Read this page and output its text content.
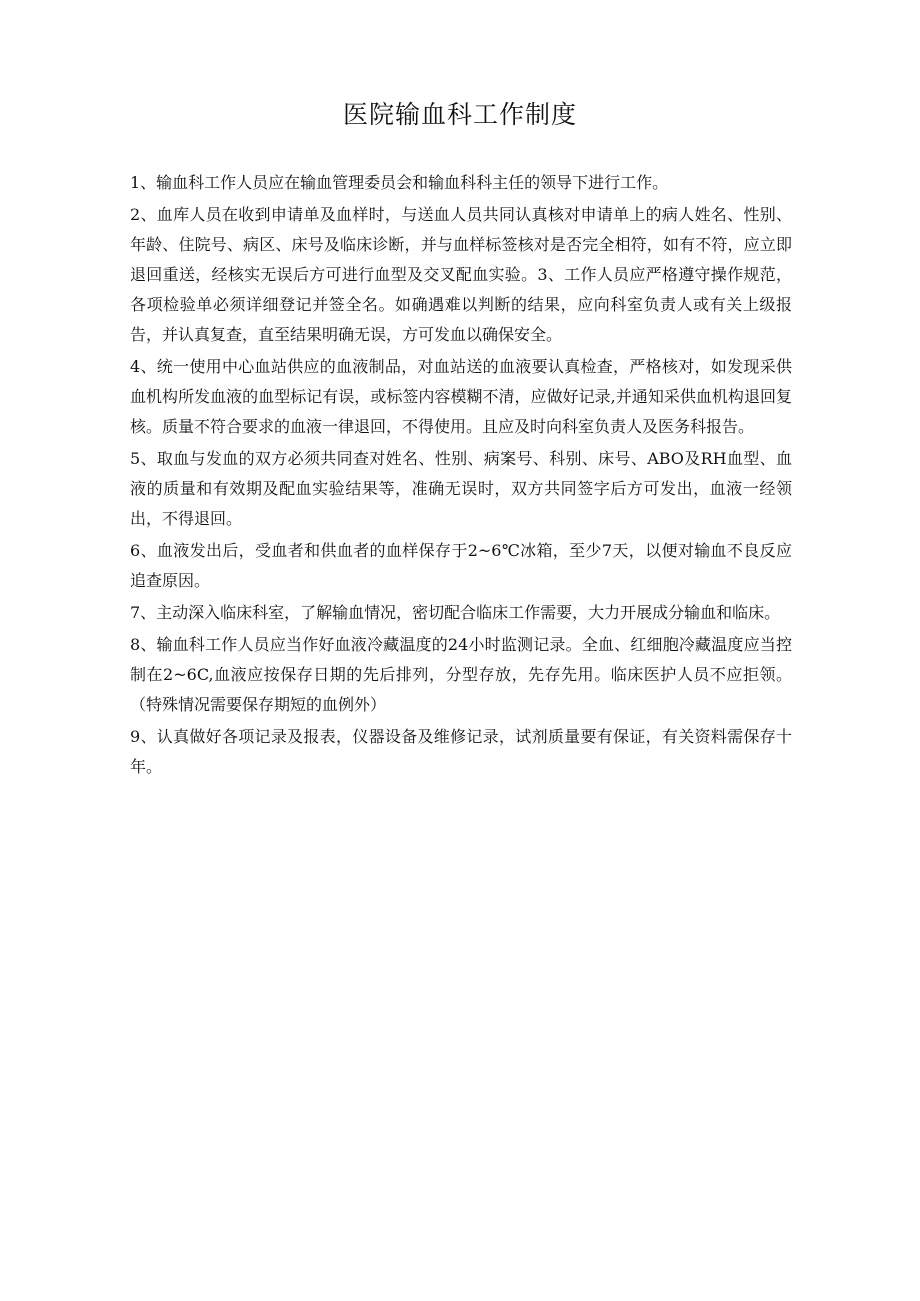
医院输血科工作制度

1、输血科工作人员应在输血管理委员会和输血科科主任的领导下进行工作。

2、血库人员在收到申请单及血样时，与送血人员共同认真核对申请单上的病人姓名、性别、年龄、住院号、病区、床号及临床诊断，并与血样标签核对是否完全相符，如有不符，应立即退回重送，经核实无误后方可进行血型及交叉配血实验。3、工作人员应严格遵守操作规范，各项检验单必须详细登记并签全名。如确遇难以判断的结果，应向科室负责人或有关上级报告，并认真复查，直至结果明确无误，方可发血以确保安全。

4、统一使用中心血站供应的血液制品，对血站送的血液要认真检查，严格核对，如发现采供血机构所发血液的血型标记有误，或标签内容模糊不清，应做好记录,并通知采供血机构退回复核。质量不符合要求的血液一律退回，不得使用。且应及时向科室负责人及医务科报告。

5、取血与发血的双方必须共同查对姓名、性别、病案号、科别、床号、ABO及RH血型、血液的质量和有效期及配血实验结果等，准确无误时，双方共同签字后方可发出，血液一经领出，不得退回。

6、血液发出后，受血者和供血者的血样保存于2~6℃冰箱，至少7天，以便对输血不良反应追查原因。

7、主动深入临床科室，了解输血情况，密切配合临床工作需要，大力开展成分输血和临床。

8、输血科工作人员应当作好血液冷藏温度的24小时监测记录。全血、红细胞冷藏温度应当控制在2~6C,血液应按保存日期的先后排列，分型存放，先存先用。临床医护人员不应拒领。（特殊情况需要保存期短的血例外）

9、认真做好各项记录及报表，仪器设备及维修记录，试剂质量要有保证，有关资料需保存十年。
